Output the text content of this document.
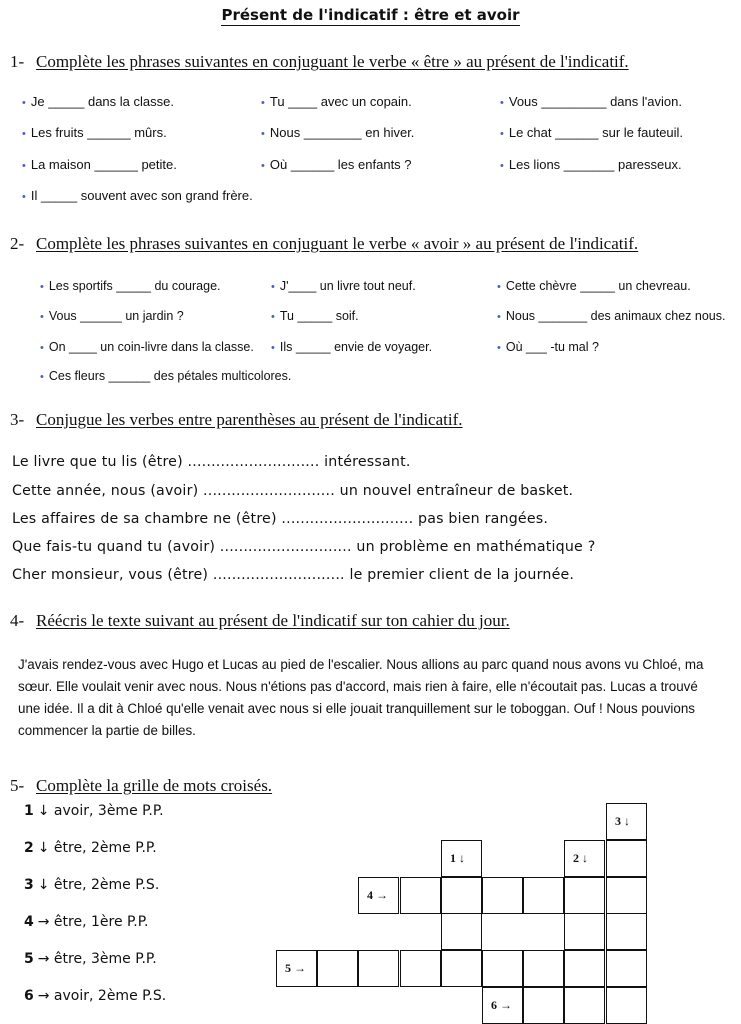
Présent de l'indicatif : être et avoir
1- Complète les phrases suivantes en conjuguant le verbe « être » au présent de l'indicatif.
• Je _____ dans la classe.	• Tu ____ avec un copain.	• Vous _________ dans l'avion.
• Les fruits ______ mûrs.	• Nous ________ en hiver.	• Le chat ______ sur le fauteuil.
• La maison ______ petite.	• Où ______ les enfants ?	• Les lions _______ paresseux.
• Il _____ souvent avec son grand frère.
2- Complète les phrases suivantes en conjuguant le verbe « avoir » au présent de l'indicatif.
• Les sportifs _____ du courage.	• J'____ un livre tout neuf.	• Cette chèvre _____ un chevreau.
• Vous ______ un jardin ?	• Tu _____ soif.	• Nous _______ des animaux chez nous.
• On ____ un coin-livre dans la classe. • Ils _____ envie de voyager.	• Où ___ -tu mal ?
• Ces fleurs ______ des pétales multicolores.
3- Conjugue les verbes entre parenthèses au présent de l'indicatif.
Le livre que tu lis (être) ............................ intéressant.
Cette année, nous (avoir) ............................ un nouvel entraîneur de basket.
Les affaires de sa chambre ne (être) ............................ pas bien rangées.
Que fais-tu quand tu (avoir) ............................ un problème en mathématique ?
Cher monsieur, vous (être) ............................ le premier client de la journée.
4- Réécris le texte suivant au présent de l'indicatif sur ton cahier du jour.

J'avais rendez-vous avec Hugo et Lucas au pied de l'escalier. Nous allions au parc quand nous avons vu Chloé, ma

sœur. Elle voulait venir avec nous. Nous n'étions pas d'accord, mais rien à faire, elle n'écoutait pas. Lucas a trouvé

une idée. Il a dit à Chloé qu'elle venait avec nous si elle jouait tranquillement sur le toboggan. Ouf ! Nous pouvions

commencer la partie de billes.

5- Complète la grille de mots croisés.
1 ↓ avoir, 3ème P.P.
2 ↓ être, 2ème P.P.
3 ↓ être, 2ème P.S.
4 → être, 1ère P.P.
5 → être, 3ème P.P.
6 → avoir, 2ème P.S.
3 ↓
1 ↓	2 ↓
4 →
5 →
6 →
